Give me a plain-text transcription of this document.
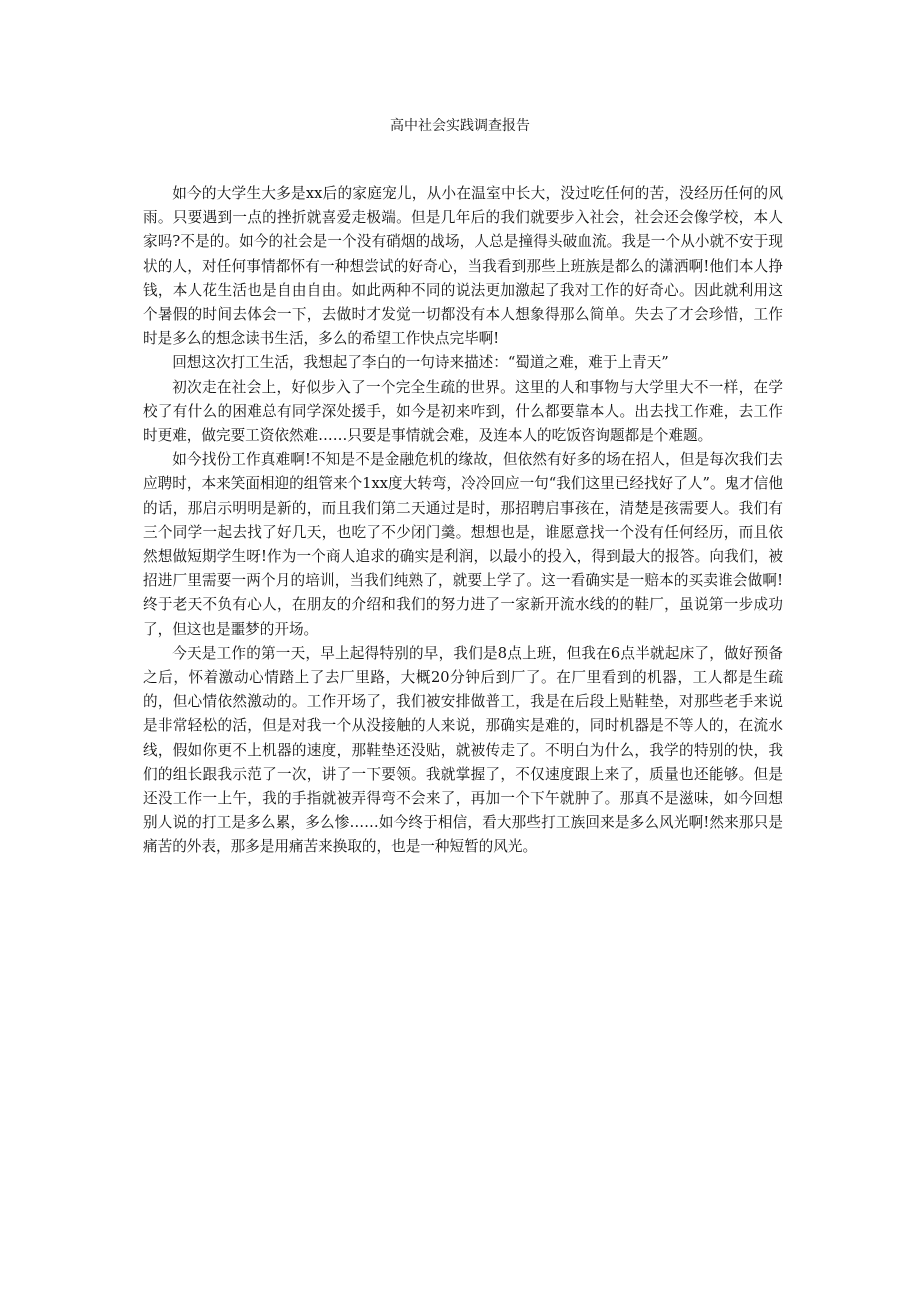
高中社会实践调查报告

如今的大学生大多是xx后的家庭宠儿，从小在温室中长大，没过吃任何的苦，没经历任何的风雨。只要遇到一点的挫折就喜爱走极端。但是几年后的我们就要步入社会，社会还会像学校，本人家吗?不是的。如今的社会是一个没有硝烟的战场，人总是撞得头破血流。我是一个从小就不安于现状的人，对任何事情都怀有一种想尝试的好奇心，当我看到那些上班族是都么的潇洒啊!他们本人挣钱，本人花生活也是自由自由。如此两种不同的说法更加激起了我对工作的好奇心。因此就利用这个暑假的时间去体会一下，去做时才发觉一切都没有本人想象得那么简单。失去了才会珍惜，工作时是多么的想念读书生活，多么的希望工作快点完毕啊!

回想这次打工生活，我想起了李白的一句诗来描述：“蜀道之难，难于上青天”

初次走在社会上，好似步入了一个完全生疏的世界。这里的人和事物与大学里大不一样，在学校了有什么的困难总有同学深处援手，如今是初来咋到，什么都要靠本人。出去找工作难，去工作时更难，做完要工资依然难……只要是事情就会难，及连本人的吃饭咨询题都是个难题。

如今找份工作真难啊!不知是不是金融危机的缘故，但依然有好多的场在招人，但是每次我们去应聘时，本来笑面相迎的组管来个1xx度大转弯，冷冷回应一句“我们这里已经找好了人”。鬼才信他的话，那启示明明是新的，而且我们第二天通过是时，那招聘启事孩在，清楚是孩需要人。我们有三个同学一起去找了好几天，也吃了不少闭门羹。想想也是，谁愿意找一个没有任何经历，而且依然想做短期学生呀!作为一个商人追求的确实是利润，以最小的投入，得到最大的报答。向我们，被招进厂里需要一两个月的培训，当我们纯熟了，就要上学了。这一看确实是一赔本的买卖谁会做啊!终于老天不负有心人，在朋友的介绍和我们的努力进了一家新开流水线的的鞋厂，虽说第一步成功了，但这也是噩梦的开场。

今天是工作的第一天，早上起得特别的早，我们是8点上班，但我在6点半就起床了，做好预备之后，怀着激动心情踏上了去厂里路，大概20分钟后到厂了。在厂里看到的机器，工人都是生疏的，但心情依然激动的。工作开场了，我们被安排做普工，我是在后段上贴鞋垫，对那些老手来说是非常轻松的活，但是对我一个从没接触的人来说，那确实是难的，同时机器是不等人的，在流水线，假如你更不上机器的速度，那鞋垫还没贴，就被传走了。不明白为什么，我学的特别的快，我们的组长跟我示范了一次，讲了一下要领。我就掌握了，不仅速度跟上来了，质量也还能够。但是还没工作一上午，我的手指就被弄得弯不会来了，再加一个下午就肿了。那真不是滋味，如今回想别人说的打工是多么累，多么惨……如今终于相信，看大那些打工族回来是多么风光啊!然来那只是痛苦的外表，那多是用痛苦来换取的，也是一种短暂的风光。
